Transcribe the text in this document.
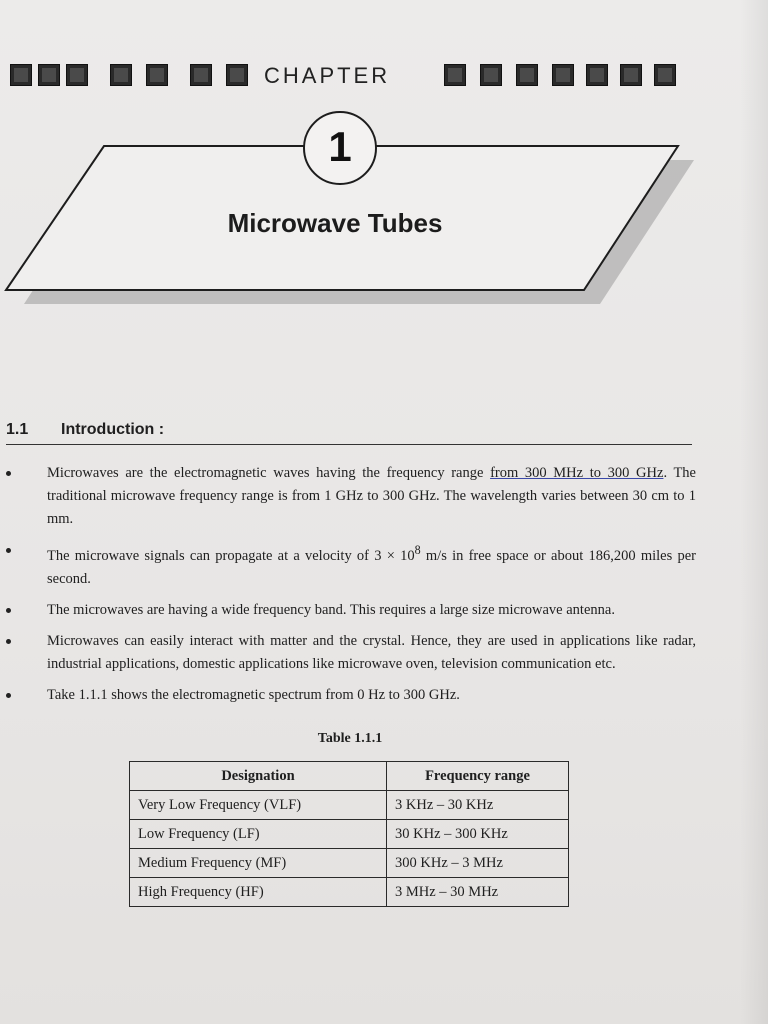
CHAPTER
1
Microwave Tubes
1.1 Introduction :
Microwaves are the electromagnetic waves having the frequency range from 300 MHz to 300 GHz. The traditional microwave frequency range is from 1 GHz to 300 GHz. The wavelength varies between 30 cm to 1 mm.
The microwave signals can propagate at a velocity of $3 \times 10^8$ m/s in free space or about 186,200 miles per second.
The microwaves are having a wide frequency band. This requires a large size microwave antenna.
Microwaves can easily interact with matter and the crystal. Hence, they are used in applications like radar, industrial applications, domestic applications like microwave oven, television communication etc.
Take 1.1.1 shows the electromagnetic spectrum from 0 Hz to 300 GHz.
Table 1.1.1
Designation	Frequency range
Very Low Frequency (VLF)	3 KHz – 30 KHz
Low Frequency (LF)	30 KHz – 300 KHz
Medium Frequency (MF)	300 KHz – 3 MHz
High Frequency (HF)	3 MHz – 30 MHz
